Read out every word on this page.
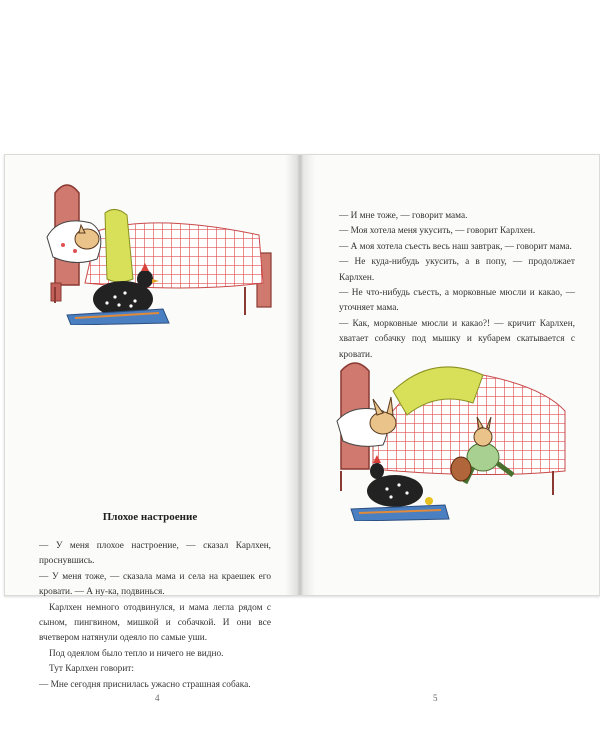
Плохое настроение

— У меня плохое настроение, — сказал Карлхен, проснувшись.

— У меня тоже, — сказала мама и села на краешек его кровати. — А ну-ка, подвинься.

Карлхен немного отодвинулся, и мама легла рядом с сыном, пингвином, мишкой и собачкой. И они все вчетвером натянули одеяло по самые уши.

Под одеялом было тепло и ничего не видно.

Тут Карлхен говорит:

— Мне сегодня приснилась ужасно страшная собака.

4

— И мне тоже, — говорит мама.

— Моя хотела меня укусить, — говорит Карлхен.

— А моя хотела съесть весь наш завтрак, — говорит мама.

— Не куда-нибудь укусить, а в попу, — продолжает Карлхен.

— Не что-нибудь съесть, а морковные мюсли и какао, — уточняет мама.

— Как, морковные мюсли и какао?! — кричит Карлхен, хватает собачку под мышку и кубарем скатывается с кровати.

5
